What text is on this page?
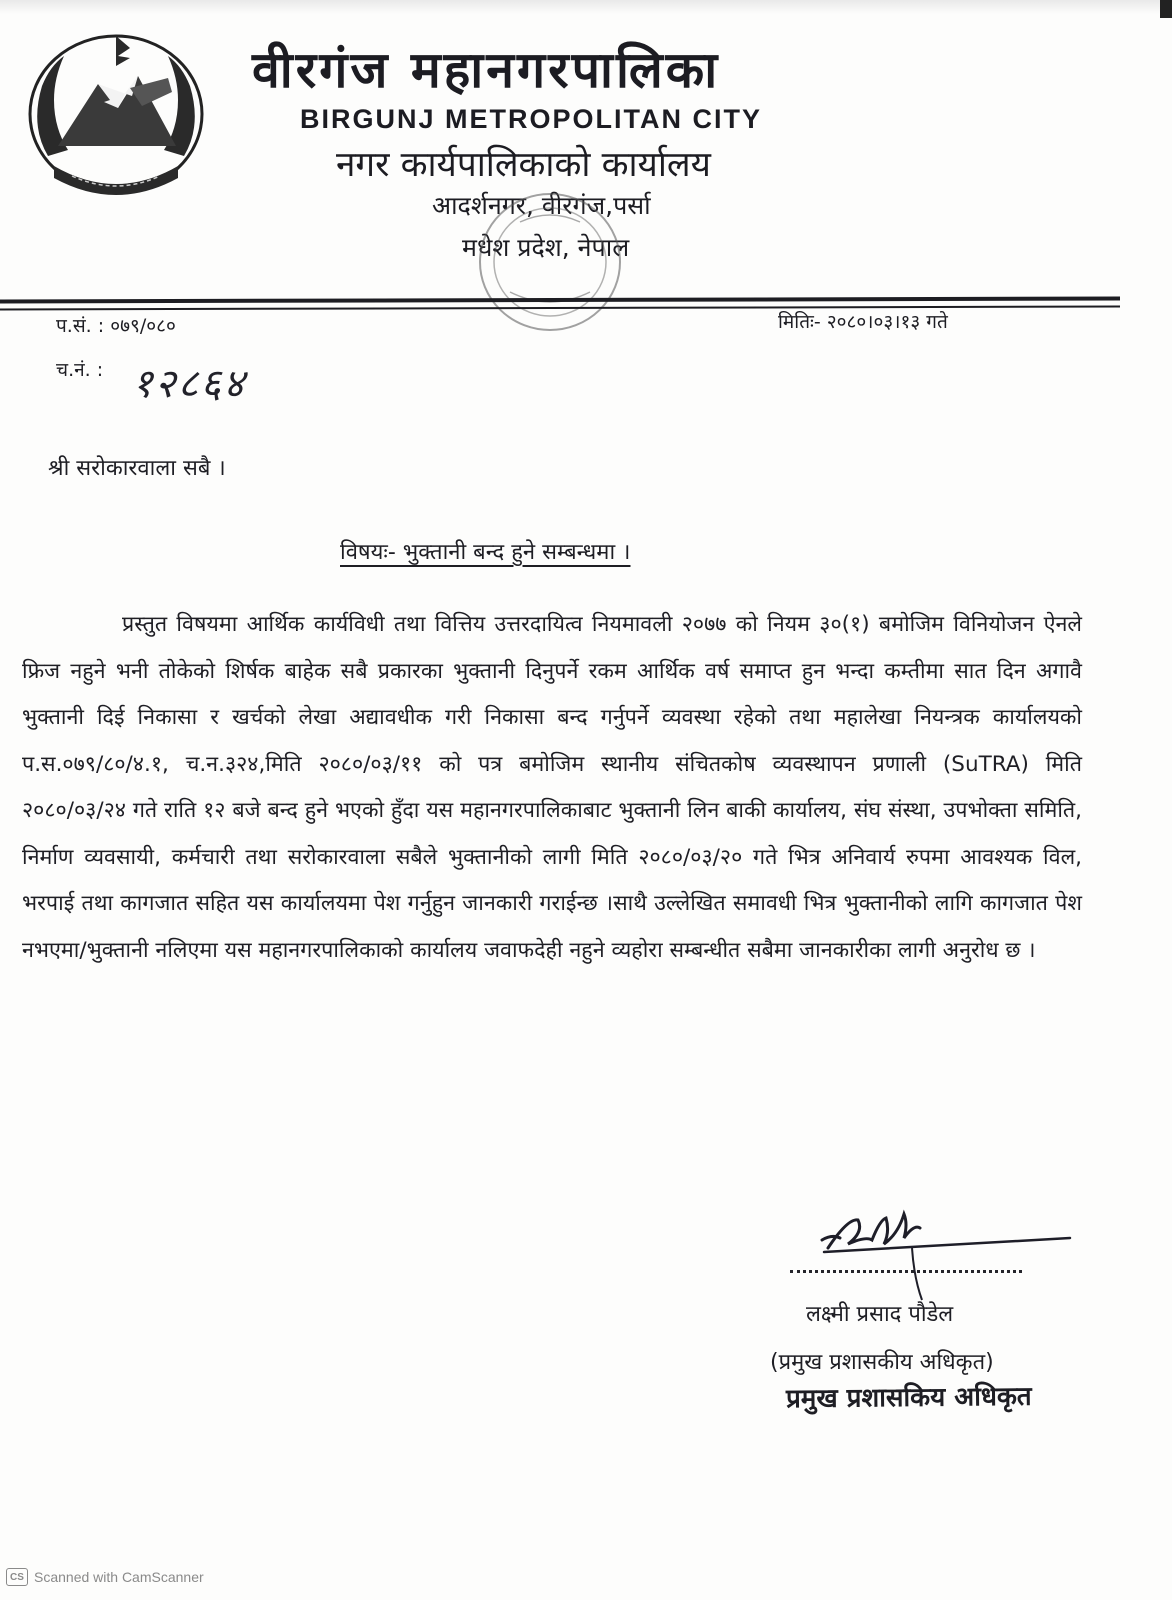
वीरगंज महानगरपालिका
BIRGUNJ METROPOLITAN CITY
नगर कार्यपालिकाको कार्यालय
आदर्शनगर, वीरगंज,पर्सा
मधेश प्रदेश, नेपाल
प.सं. : ०७९/०८०	मितिः- २०८०।०३।१३ गते
च.नं. : १२८६४
श्री सरोकारवाला सबै ।
विषयः- भुक्तानी बन्द हुने सम्बन्धमा ।

प्रस्तुत विषयमा आर्थिक कार्यविधी तथा वित्तिय उत्तरदायित्व नियमावली २०७७ को नियम ३०(१) बमोजिम विनियोजन ऐनले फ्रिज नहुने भनी तोकेको शिर्षक बाहेक सबै प्रकारका भुक्तानी दिनुपर्ने रकम आर्थिक वर्ष समाप्त हुन भन्दा कम्तीमा सात दिन अगावै भुक्तानी दिई निकासा र खर्चको लेखा अद्यावधीक गरी निकासा बन्द गर्नुपर्ने व्यवस्था रहेको तथा महालेखा नियन्त्रक कार्यालयको प.स.०७९/८०/४.१, च.न.३२४,मिति २०८०/०३/११ को पत्र बमोजिम स्थानीय संचितकोष व्यवस्थापन प्रणाली (SuTRA) मिति २०८०/०३/२४ गते राति १२ बजे बन्द हुने भएको हुँदा यस महानगरपालिकाबाट भुक्तानी लिन बाकी कार्यालय, संघ संस्था, उपभोक्ता समिति, निर्माण व्यवसायी, कर्मचारी तथा सरोकारवाला सबैले भुक्तानीको लागी मिति २०८०/०३/२० गते भित्र अनिवार्य रुपमा आवश्यक विल, भरपाई तथा कागजात सहित यस कार्यालयमा पेश गर्नुहुन जानकारी गराईन्छ ।साथै उल्लेखित समावधी भित्र भुक्तानीको लागि कागजात पेश नभएमा/भुक्तानी नलिएमा यस महानगरपालिकाको कार्यालय जवाफदेही नहुने व्यहोरा सम्बन्धीत सबैमा जानकारीका लागी अनुरोध छ ।

लक्ष्मी प्रसाद पौडेल
(प्रमुख प्रशासकीय अधिकृत)
प्रमुख प्रशासकिय अधिकृत
CS Scanned with CamScanner
